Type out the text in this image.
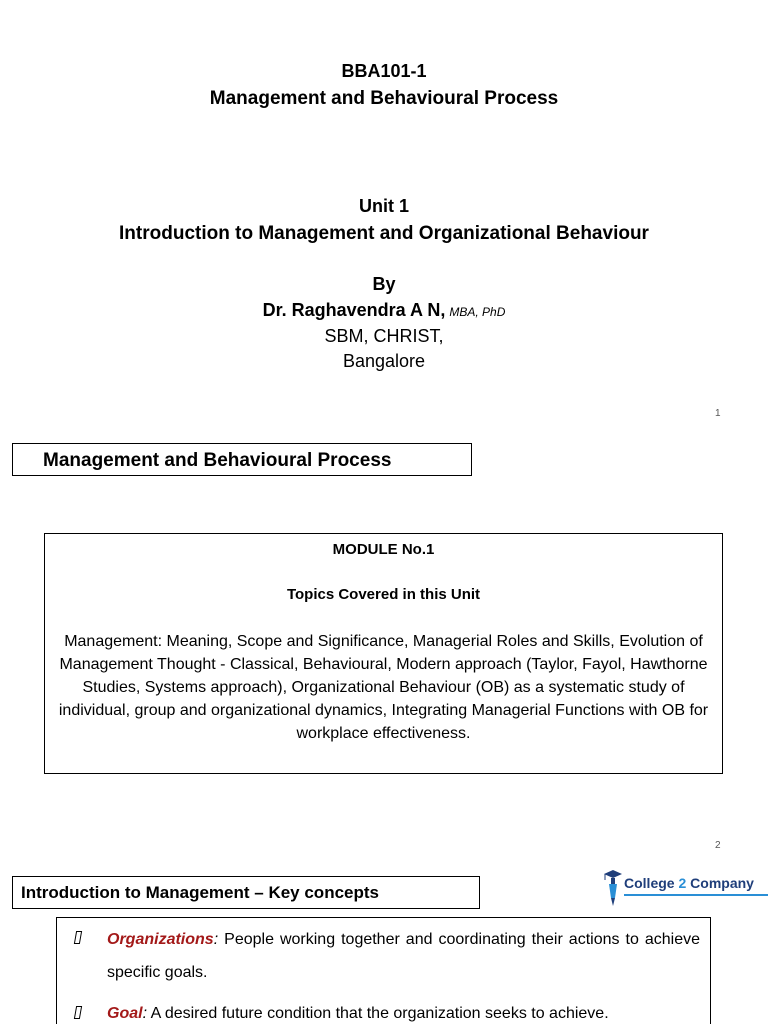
BBA101-1
Management and Behavioural Process
Unit 1
Introduction to Management and Organizational Behaviour
By
Dr. Raghavendra A N, MBA, PhD
SBM, CHRIST,
Bangalore
1
Management and Behavioural Process
MODULE No.1
Topics Covered in this Unit
Management: Meaning, Scope and Significance, Managerial Roles and Skills, Evolution of Management Thought - Classical, Behavioural, Modern approach (Taylor, Fayol, Hawthorne Studies, Systems approach), Organizational Behaviour (OB) as a systematic study of individual, group and organizational dynamics, Integrating Managerial Functions with OB for workplace effectiveness.
2
Introduction to Management – Key concepts	College 2 Company
Organizations: People working together and coordinating their actions to achieve specific goals.
Goal: A desired future condition that the organization seeks to achieve.
